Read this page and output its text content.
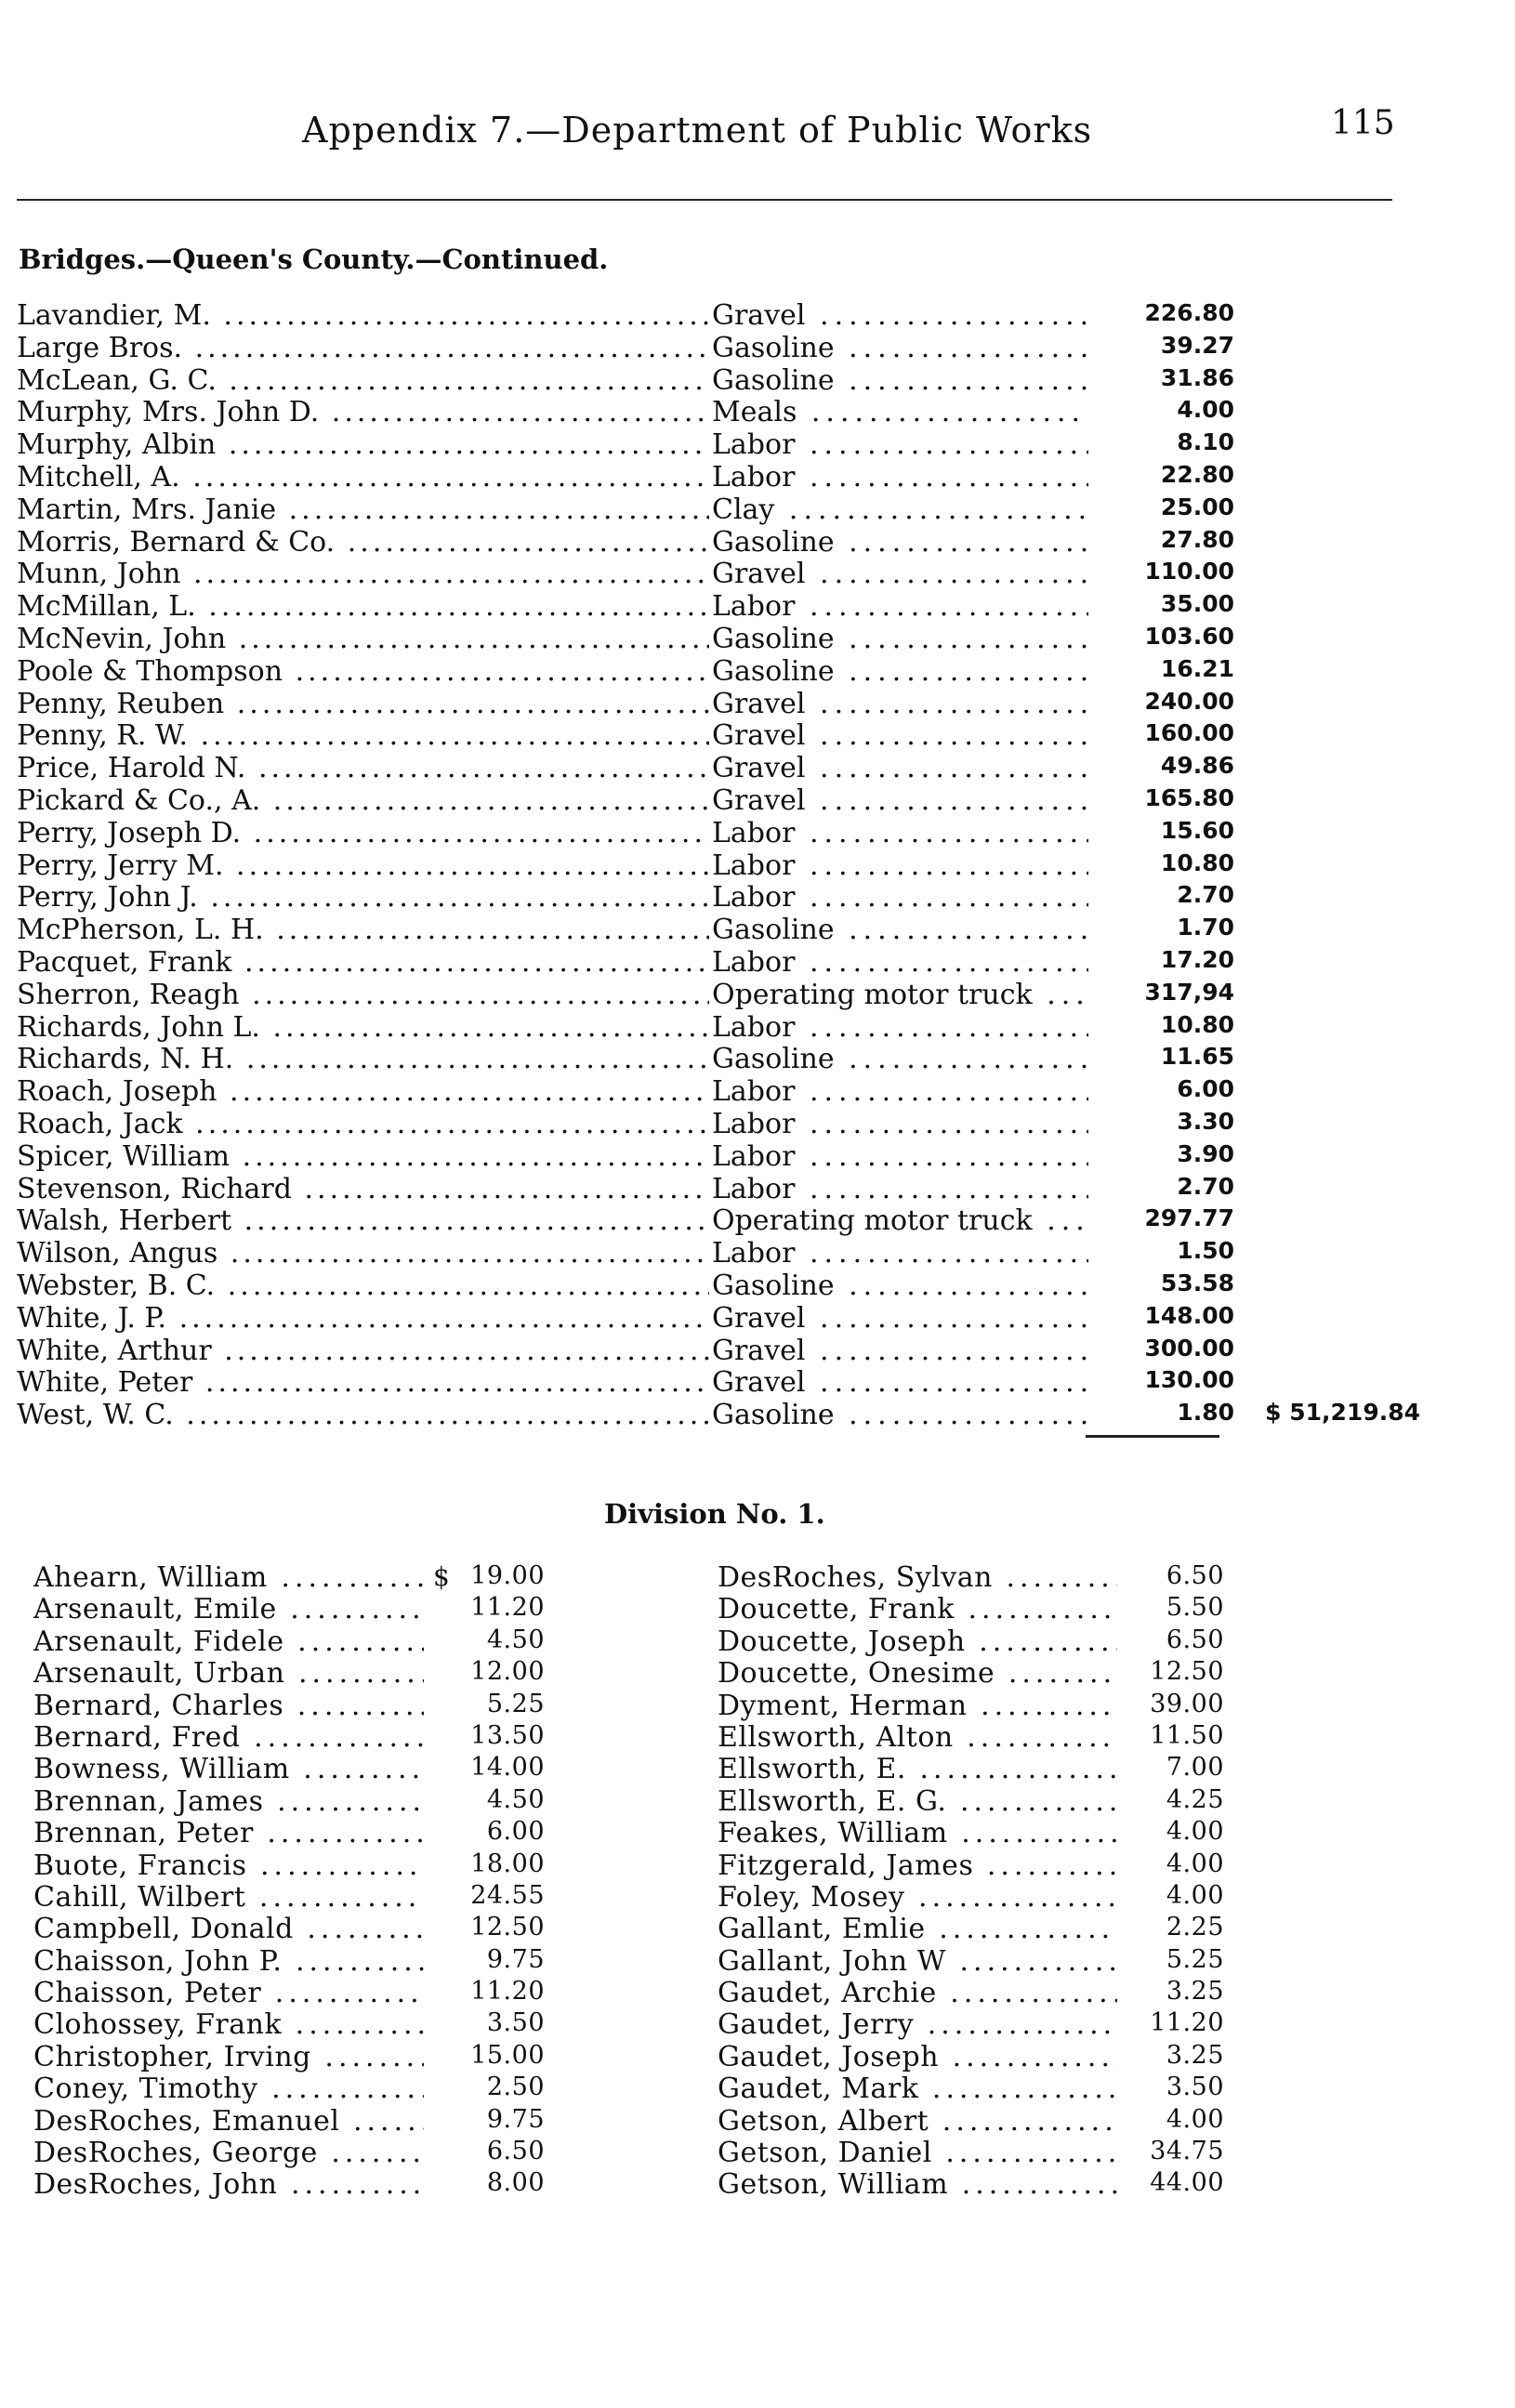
Appendix 7.—Department of Public Works	115
Bridges.—Queen's County.—Continued.
Lavandier, M. .....	Gravel .....	226.80
Large Bros. .....	Gasoline .....	39.27
McLean, G. C. .....	Gasoline .....	31.86
Murphy, Mrs. John D. .....	Meals .....	4.00
Murphy, Albin .....	Labor .....	8.10
Mitchell, A. .....	Labor .....	22.80
Martin, Mrs. Janie .....	Clay .....	25.00
Morris, Bernard & Co. .....	Gasoline .....	27.80
Munn, John .....	Gravel .....	110.00
McMillan, L. .....	Labor .....	35.00
McNevin, John .....	Gasoline .....	103.60
Poole & Thompson .....	Gasoline .....	16.21
Penny, Reuben .....	Gravel .....	240.00
Penny, R. W. .....	Gravel .....	160.00
Price, Harold N. .....	Gravel .....	49.86
Pickard & Co., A. .....	Gravel .....	165.80
Perry, Joseph D. .....	Labor .....	15.60
Perry, Jerry M. .....	Labor .....	10.80
Perry, John J. .....	Labor .....	2.70
McPherson, L. H. .....	Gasoline .....	1.70
Pacquet, Frank .....	Labor .....	17.20
Sherron, Reagh .....	Operating motor truck .....	317,94
Richards, John L. .....	Labor .....	10.80
Richards, N. H. .....	Gasoline .....	11.65
Roach, Joseph .....	Labor .....	6.00
Roach, Jack .....	Labor .....	3.30
Spicer, William .....	Labor .....	3.90
Stevenson, Richard .....	Labor .....	2.70
Walsh, Herbert .....	Operating motor truck .....	297.77
Wilson, Angus .....	Labor .....	1.50
Webster, B. C. .....	Gasoline .....	53.58
White, J. P. .....	Gravel .....	148.00
White, Arthur .....	Gravel .....	300.00
White, Peter .....	Gravel .....	130.00
West, W. C. .....	Gasoline .....	1.80	$ 51,219.84
Division No. 1.
Ahearn, William .....	$ 19.00
Arsenault, Emile .....	11.20
Arsenault, Fidele .....	4.50
Arsenault, Urban .....	12.00
Bernard, Charles .....	5.25
Bernard, Fred .....	13.50
Bowness, William .....	14.00
Brennan, James .....	4.50
Brennan, Peter .....	6.00
Buote, Francis .....	18.00
Cahill, Wilbert .....	24.55
Campbell, Donald .....	12.50
Chaisson, John P. .....	9.75
Chaisson, Peter .....	11.20
Clohossey, Frank .....	3.50
Christopher, Irving .....	15.00
Coney, Timothy .....	2.50
DesRoches, Emanuel .....	9.75
DesRoches, George .....	6.50
DesRoches, John .....	8.00
DesRoches, Sylvan .....	6.50
Doucette, Frank .....	5.50
Doucette, Joseph .....	6.50
Doucette, Onesime .....	12.50
Dyment, Herman .....	39.00
Ellsworth, Alton .....	11.50
Ellsworth, E. .....	7.00
Ellsworth, E. G. .....	4.25
Feakes, William .....	4.00
Fitzgerald, James .....	4.00
Foley, Mosey .....	4.00
Gallant, Emlie .....	2.25
Gallant, John W .....	5.25
Gaudet, Archie .....	3.25
Gaudet, Jerry .....	11.20
Gaudet, Joseph .....	3.25
Gaudet, Mark .....	3.50
Getson, Albert .....	4.00
Getson, Daniel .....	34.75
Getson, William .....	44.00
